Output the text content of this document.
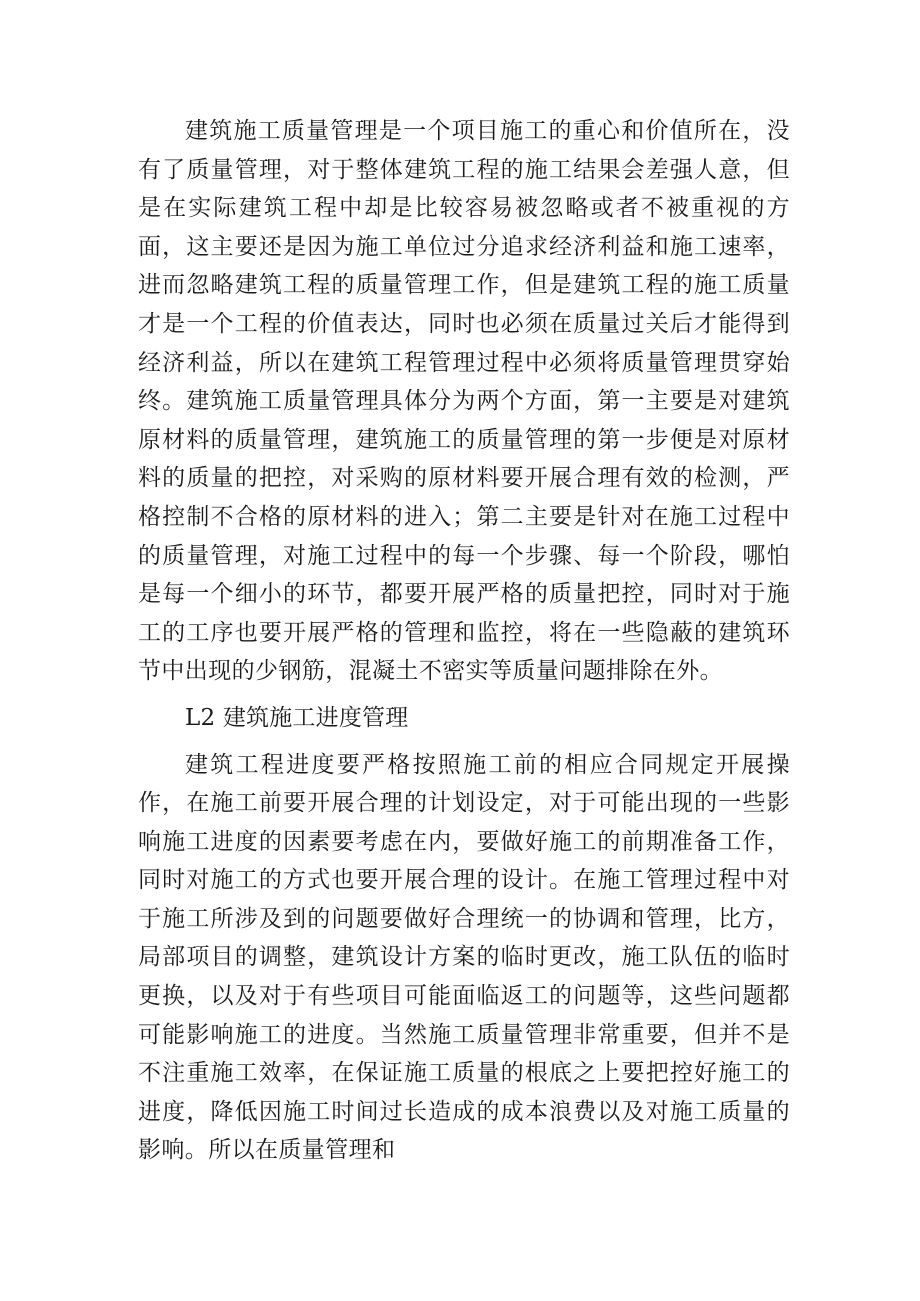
建筑施工质量管理是一个项目施工的重心和价值所在，没有了质量管理，对于整体建筑工程的施工结果会差强人意，但是在实际建筑工程中却是比较容易被忽略或者不被重视的方面，这主要还是因为施工单位过分追求经济利益和施工速率，进而忽略建筑工程的质量管理工作，但是建筑工程的施工质量才是一个工程的价值表达，同时也必须在质量过关后才能得到经济利益，所以在建筑工程管理过程中必须将质量管理贯穿始终。建筑施工质量管理具体分为两个方面，第一主要是对建筑原材料的质量管理，建筑施工的质量管理的第一步便是对原材料的质量的把控，对采购的原材料要开展合理有效的检测，严格控制不合格的原材料的进入；第二主要是针对在施工过程中的质量管理，对施工过程中的每一个步骤、每一个阶段，哪怕是每一个细小的环节，都要开展严格的质量把控，同时对于施工的工序也要开展严格的管理和监控，将在一些隐蔽的建筑环节中出现的少钢筋，混凝土不密实等质量问题排除在外。

L2 建筑施工进度管理

建筑工程进度要严格按照施工前的相应合同规定开展操作，在施工前要开展合理的计划设定，对于可能出现的一些影响施工进度的因素要考虑在内，要做好施工的前期准备工作，同时对施工的方式也要开展合理的设计。在施工管理过程中对于施工所涉及到的问题要做好合理统一的协调和管理，比方，局部项目的调整，建筑设计方案的临时更改，施工队伍的临时更换，以及对于有些项目可能面临返工的问题等，这些问题都可能影响施工的进度。当然施工质量管理非常重要，但并不是不注重施工效率，在保证施工质量的根底之上要把控好施工的进度，降低因施工时间过长造成的成本浪费以及对施工质量的影响。所以在质量管理和
